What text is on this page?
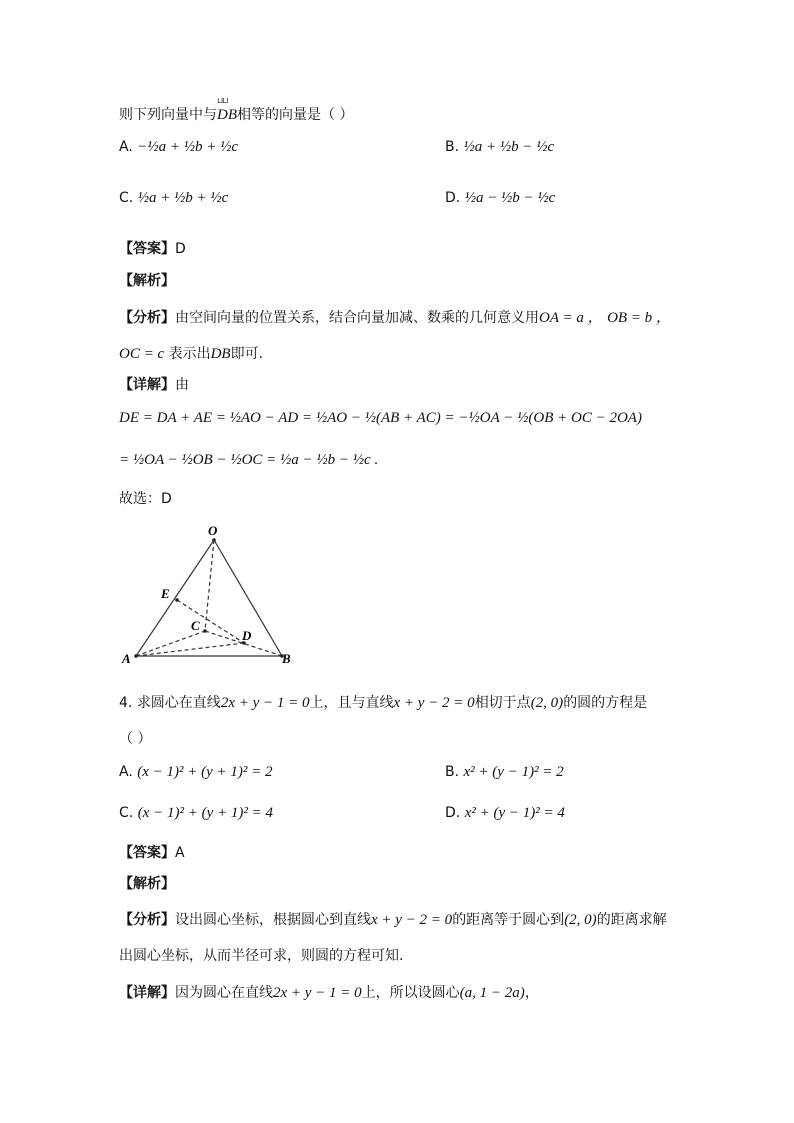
则下列向量中与⊔⊔ DB相等的向量是（ ）
A. −½a + ½b + ½c	B. ½a + ½b − ½c
C. ½a + ½b + ½c	D. ½a − ½b − ½c
【答案】D
【解析】
【分析】由空间向量的位置关系，结合向量加减、数乘的几何意义用OA = a ， OB = b ，
OC = c 表示出DB即可.
【详解】由
DE = DA + AE = ½AO − AD = ½AO − ½(AB + AC) = −½OA − ½(OB + OC − 2OA)
= ½OA − ½OB − ½OC = ½a − ½b − ½c .
故选：D
O
E
C
D
A	B
4. 求圆心在直线2x + y − 1 = 0上，且与直线x + y − 2 = 0相切于点(2, 0)的圆的方程是
（ ）
A. (x − 1)² + (y + 1)² = 2	B. x² + (y − 1)² = 2
C. (x − 1)² + (y + 1)² = 4	D. x² + (y − 1)² = 4
【答案】A
【解析】
【分析】设出圆心坐标，根据圆心到直线x + y − 2 = 0的距离等于圆心到(2, 0)的距离求解
出圆心坐标，从而半径可求，则圆的方程可知.
【详解】因为圆心在直线2x + y − 1 = 0上，所以设圆心(a, 1 − 2a)，
